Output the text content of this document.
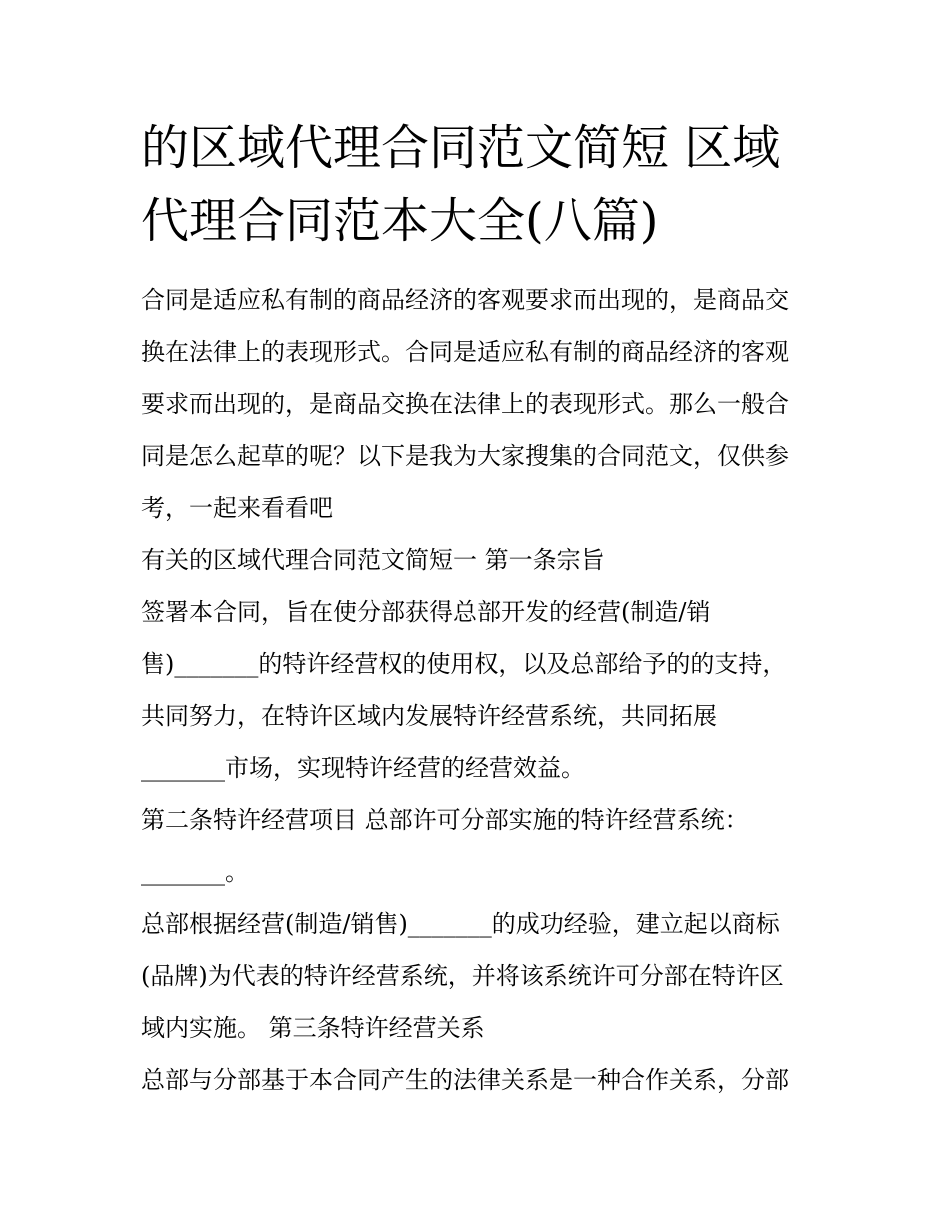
的区域代理合同范文简短 区域
代理合同范本大全(八篇)
合同是适应私有制的商品经济的客观要求而出现的，是商品交
换在法律上的表现形式。合同是适应私有制的商品经济的客观
要求而出现的，是商品交换在法律上的表现形式。那么一般合
同是怎么起草的呢？以下是我为大家搜集的合同范文，仅供参
考，一起来看看吧
有关的区域代理合同范文简短一 第一条宗旨
签署本合同，旨在使分部获得总部开发的经营(制造/销
售)_______的特许经营权的使用权，以及总部给予的的支持，
共同努力，在特许区域内发展特许经营系统，共同拓展
_______市场，实现特许经营的经营效益。
第二条特许经营项目 总部许可分部实施的特许经营系统：
_______。
总部根据经营(制造/销售)_______的成功经验，建立起以商标
(品牌)为代表的特许经营系统，并将该系统许可分部在特许区
域内实施。 第三条特许经营关系
总部与分部基于本合同产生的法律关系是一种合作关系，分部
